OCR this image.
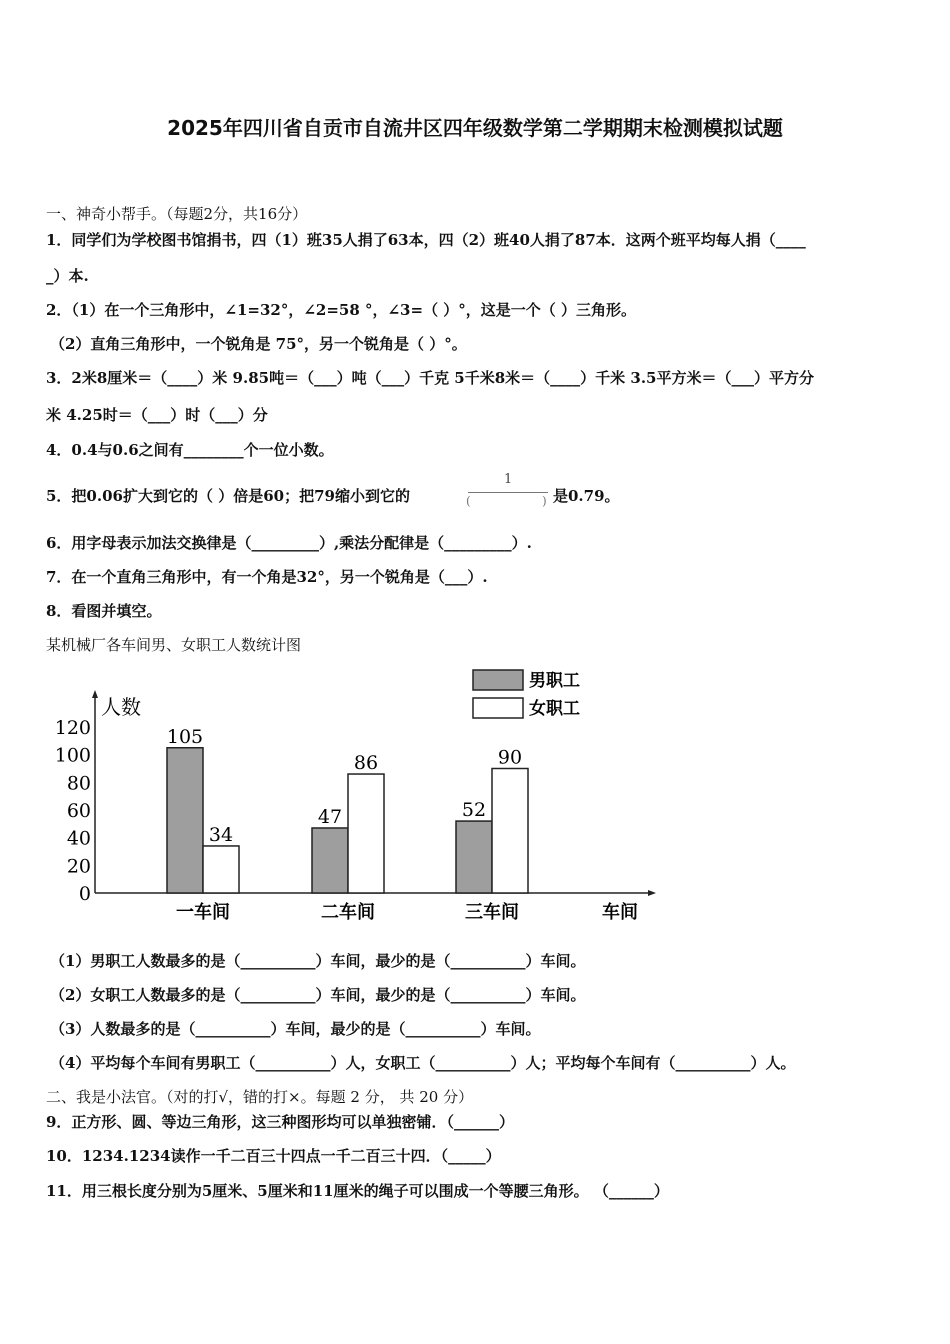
2025年四川省自贡市自流井区四年级数学第二学期期末检测模拟试题
一、神奇小帮手。（每题2分，共16分）
1．同学们为学校图书馆捐书，四（1）班35人捐了63本，四（2）班40人捐了87本．这两个班平均每人捐（____
_）本.
2．（1）在一个三角形中，∠1=32°，∠2=58 °，∠3=（ ）°，这是一个（ ）三角形。
（2）直角三角形中，一个锐角是 75°，另一个锐角是（ ）°。
3．2米8厘米＝（____）米 9.85吨＝（___）吨（___）千克 5千米8米＝（____）千米 3.5平方米＝（___）平方分
米 4.25时＝（___）时（___）分
4．0.4与0.6之间有________个一位小数。
5．把0.06扩大到它的（ ）倍是60；把79缩小到它的
1
(	) 是0.79。
6．用字母表示加法交换律是（_________）,乘法分配律是（_________）.
7．在一个直角三角形中，有一个角是32°，另一个锐角是（___）.
8．看图并填空。
某机械厂各车间男、女职工人数统计图
人数
车间
0
20
40
60
80
100
120	105
34
一车间
47
86
二车间
52
90
三车间
男职工
女职工
（1）男职工人数最多的是（__________）车间，最少的是（__________）车间。
（2）女职工人数最多的是（__________）车间，最少的是（__________）车间。
（3）人数最多的是（__________）车间，最少的是（__________）车间。
（4）平均每个车间有男职工（__________）人，女职工（__________）人；平均每个车间有（__________）人。
二、我是小法官。（对的打√，错的打×。每题 2 分， 共 20 分）
9．正方形、圆、等边三角形，这三种图形均可以单独密铺．（______）
10．1234.1234读作一千二百三十四点一千二百三十四．（_____）
11．用三根长度分别为5厘米、5厘米和11厘米的绳子可以围成一个等腰三角形。 （______）
